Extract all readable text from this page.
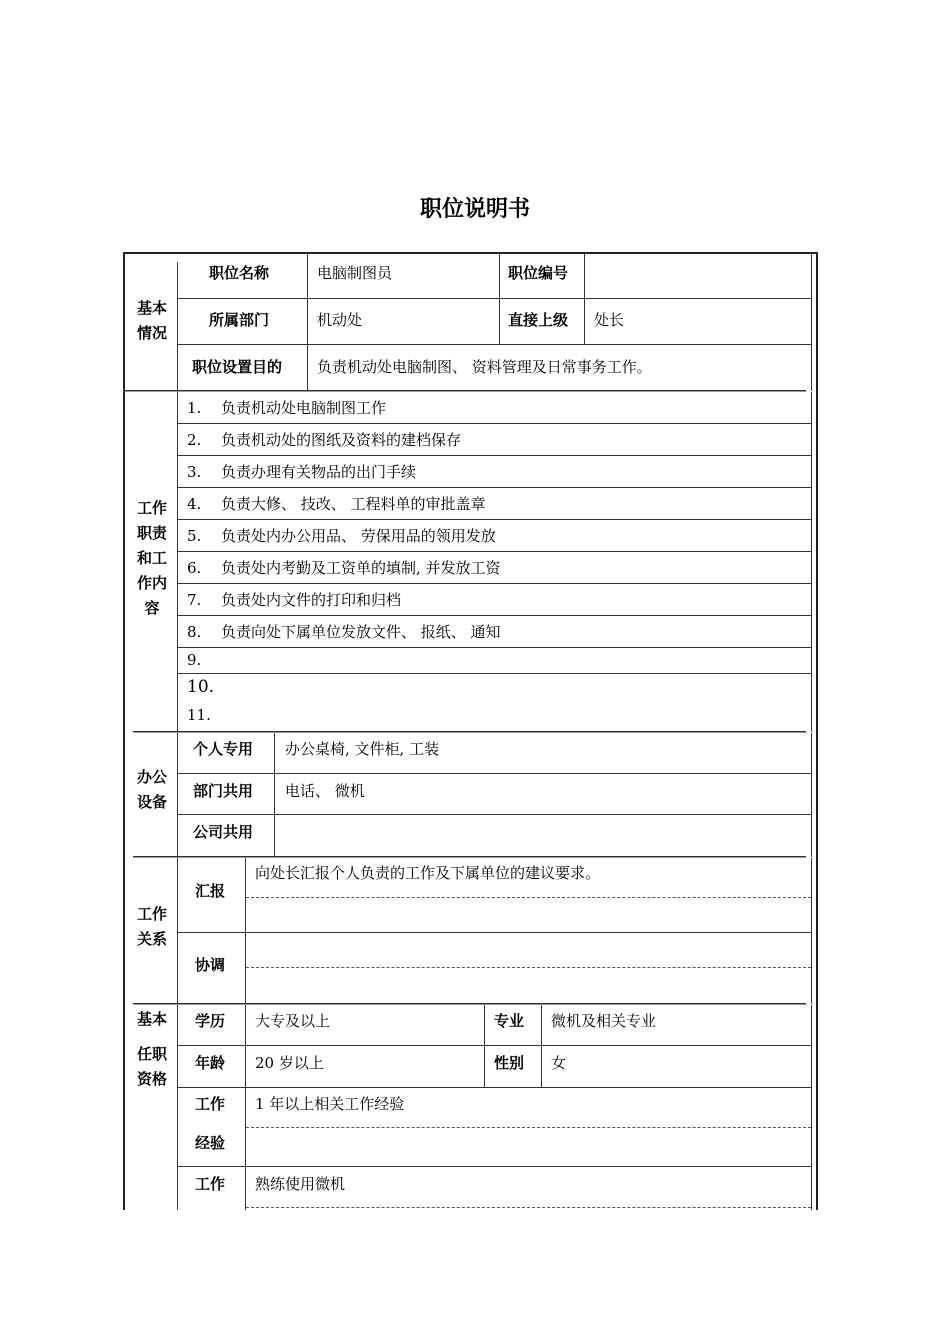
职位说明书
基本
情况
职位名称	电脑制图员	职位编号
所属部门	机动处	直接上级 处长
职位设置目的 负责机动处电脑制图、 资料管理及日常事务工作。
工作
职责
和工
作内
容
1. 负责机动处电脑制图工作
2. 负责机动处的图纸及资料的建档保存
3. 负责办理有关物品的出门手续
4. 负责大修、 技改、 工程料单的审批盖章
5. 负责处内办公用品、 劳保用品的领用发放
6. 负责处内考勤及工资单的填制, 并发放工资
7. 负责处内文件的打印和归档
8. 负责向处下属单位发放文件、 报纸、 通知
9.
10.
11.
办公
设备
个人专用 办公桌椅, 文件柜, 工装
部门共用 电话、 微机
公司共用
工作
关系
汇报
向处长汇报个人负责的工作及下属单位的建议要求。
协调
基本
任职
资格
学历 大专及以上	专业 微机及相关专业
年龄 20 岁以上	性别 女
工作
经验
1 年以上相关工作经验
工作 熟练使用微机
